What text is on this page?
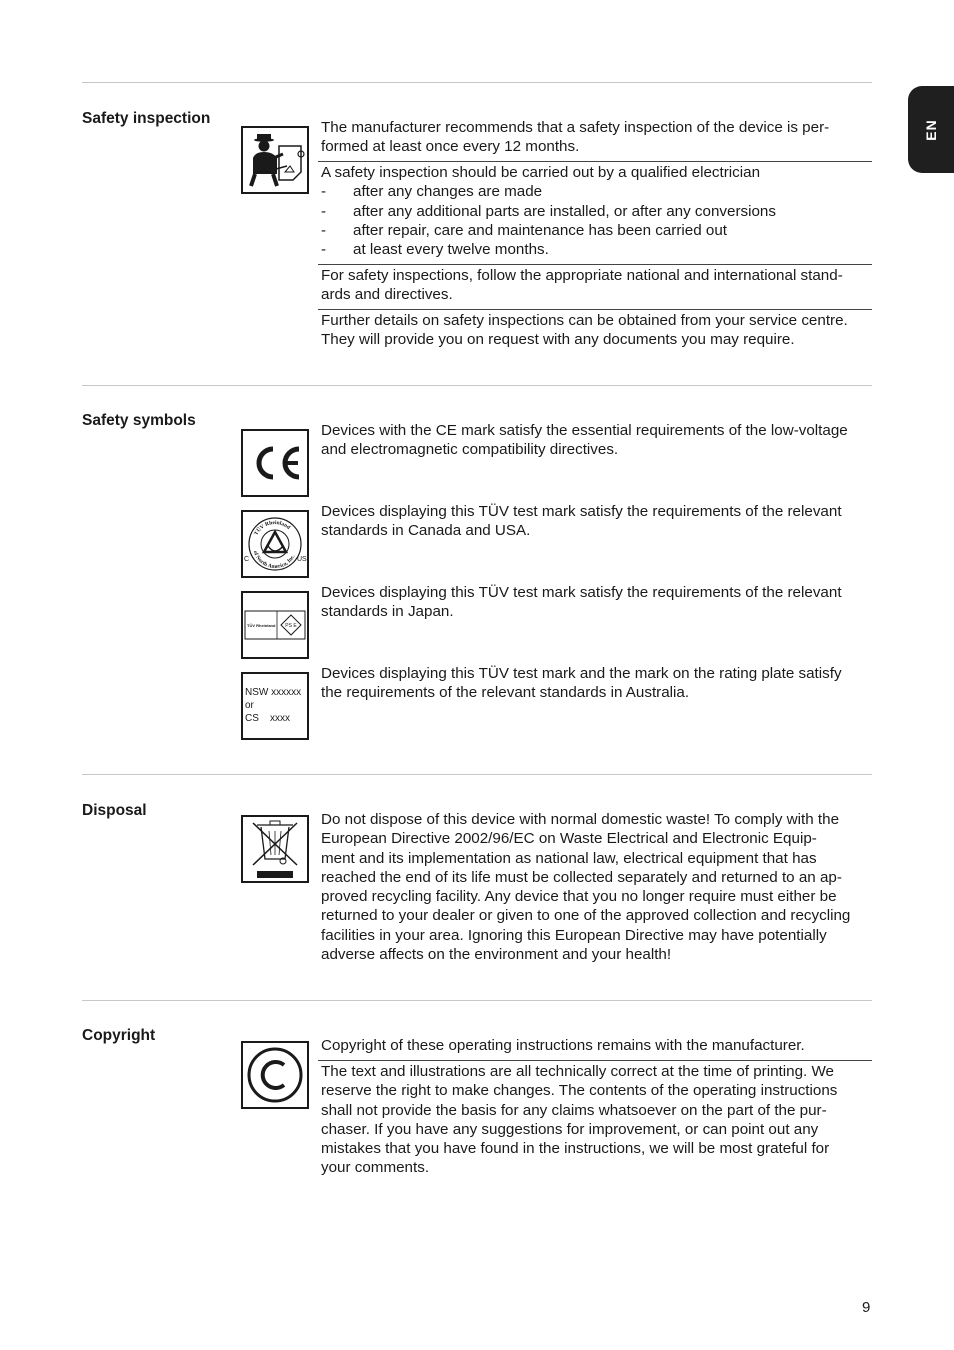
EN
Safety inspection
The manufacturer recommends that a safety inspection of the device is per-
formed at least once every 12 months.
A safety inspection should be carried out by a qualified electrician
-	after any changes are made
-	after any additional parts are installed, or after any conversions
-	after repair, care and maintenance has been carried out
-	at least every twelve months.
For safety inspections, follow the appropriate national and international stand-
ards and directives.
Further details on safety inspections can be obtained from your service centre.
They will provide you on request with any documents you may require.
Safety symbols
Devices with the CE mark satisfy the essential requirements of the low-voltage
and electromagnetic compatibility directives.
TÜV Rheinland
of North America, Inc.
C	US
Devices displaying this TÜV test mark satisfy the requirements of the relevant
standards in Canada and USA.
TÜV Rheinland PS E
Devices displaying this TÜV test mark satisfy the requirements of the relevant
standards in Japan.
NSW xxxxxx
or
CS    xxxx
Devices displaying this TÜV test mark and the mark on the rating plate satisfy
the requirements of the relevant standards in Australia.
Disposal
Do not dispose of this device with normal domestic waste! To comply with the
European Directive 2002/96/EC on Waste Electrical and Electronic Equip-
ment and its implementation as national law, electrical equipment that has
reached the end of its life must be collected separately and returned to an ap-
proved recycling facility. Any device that you no longer require must either be
returned to your dealer or given to one of the approved collection and recycling
facilities in your area. Ignoring this European Directive may have potentially
adverse affects on the environment and your health!
Copyright
Copyright of these operating instructions remains with the manufacturer.
The text and illustrations are all technically correct at the time of printing. We
reserve the right to make changes. The contents of the operating instructions
shall not provide the basis for any claims whatsoever on the part of the pur-
chaser. If you have any suggestions for improvement, or can point out any
mistakes that you have found in the instructions, we will be most grateful for
your comments.
9
